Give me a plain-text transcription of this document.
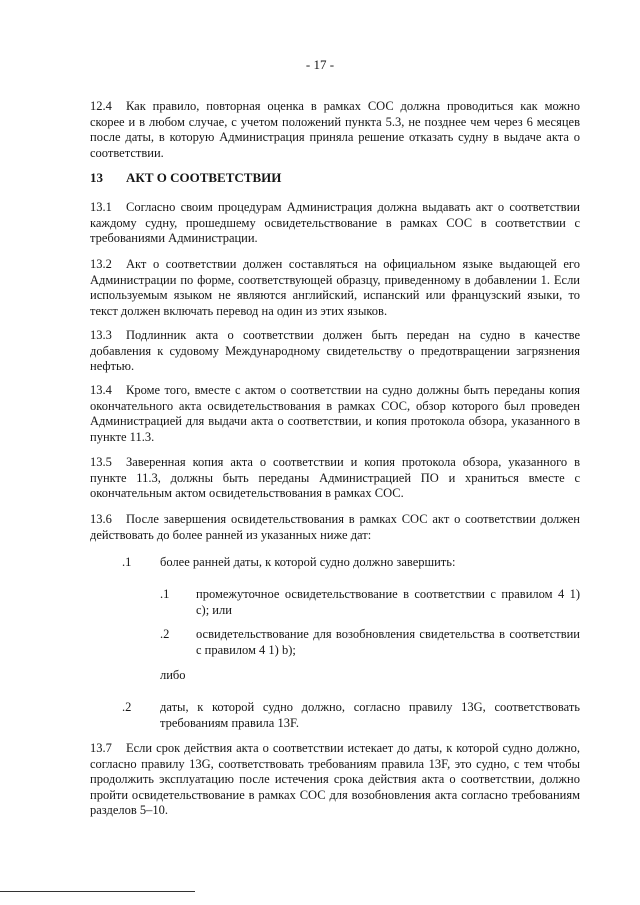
- 17 -

12.4 Как правило, повторная оценка в рамках СОС должна проводиться как можно скорее и в любом случае, с учетом положений пункта 5.3, не позднее чем через 6 месяцев после даты, в которую Администрация приняла решение отказать судну в выдаче акта о соответствии.

13 АКТ О СООТВЕТСТВИИ

13.1 Согласно своим процедурам Администрация должна выдавать акт о соответствии каждому судну, прошедшему освидетельствование в рамках СОС в соответствии с требованиями Администрации.

13.2 Акт о соответствии должен составляться на официальном языке выдающей его Администрации по форме, соответствующей образцу, приведенному в добавлении 1. Если используемым языком не являются английский, испанский или французский языки, то текст должен включать перевод на один из этих языков.

13.3 Подлинник акта о соответствии должен быть передан на судно в качестве добавления к судовому Международному свидетельству о предотвращении загрязнения нефтью.

13.4 Кроме того, вместе с актом о соответствии на судно должны быть переданы копия окончательного акта освидетельствования в рамках СОС, обзор которого был проведен Администрацией для выдачи акта о соответствии, и копия протокола обзора, указанного в пункте 11.3.

13.5 Заверенная копия акта о соответствии и копия протокола обзора, указанного в пункте 11.3, должны быть переданы Администрацией ПО и храниться вместе с окончательным актом освидетельствования в рамках СОС.

13.6 После завершения освидетельствования в рамках СОС акт о соответствии должен действовать до более ранней из указанных ниже дат:

.1 более ранней даты, к которой судно должно завершить:
.1 промежуточное освидетельствование в соответствии с правилом 4 1) c); или
.2 освидетельствование для возобновления свидетельства в соответствии с правилом 4 1) b);
либо
.2 даты, к которой судно должно, согласно правилу 13G, соответствовать требованиям правила 13F.

13.7 Если срок действия акта о соответствии истекает до даты, к которой судно должно, согласно правилу 13G, соответствовать требованиям правила 13F, это судно, с тем чтобы продолжить эксплуатацию после истечения срока действия акта о соответствии, должно пройти освидетельствование в рамках СОС для возобновления акта согласно требованиям разделов 5–10.
